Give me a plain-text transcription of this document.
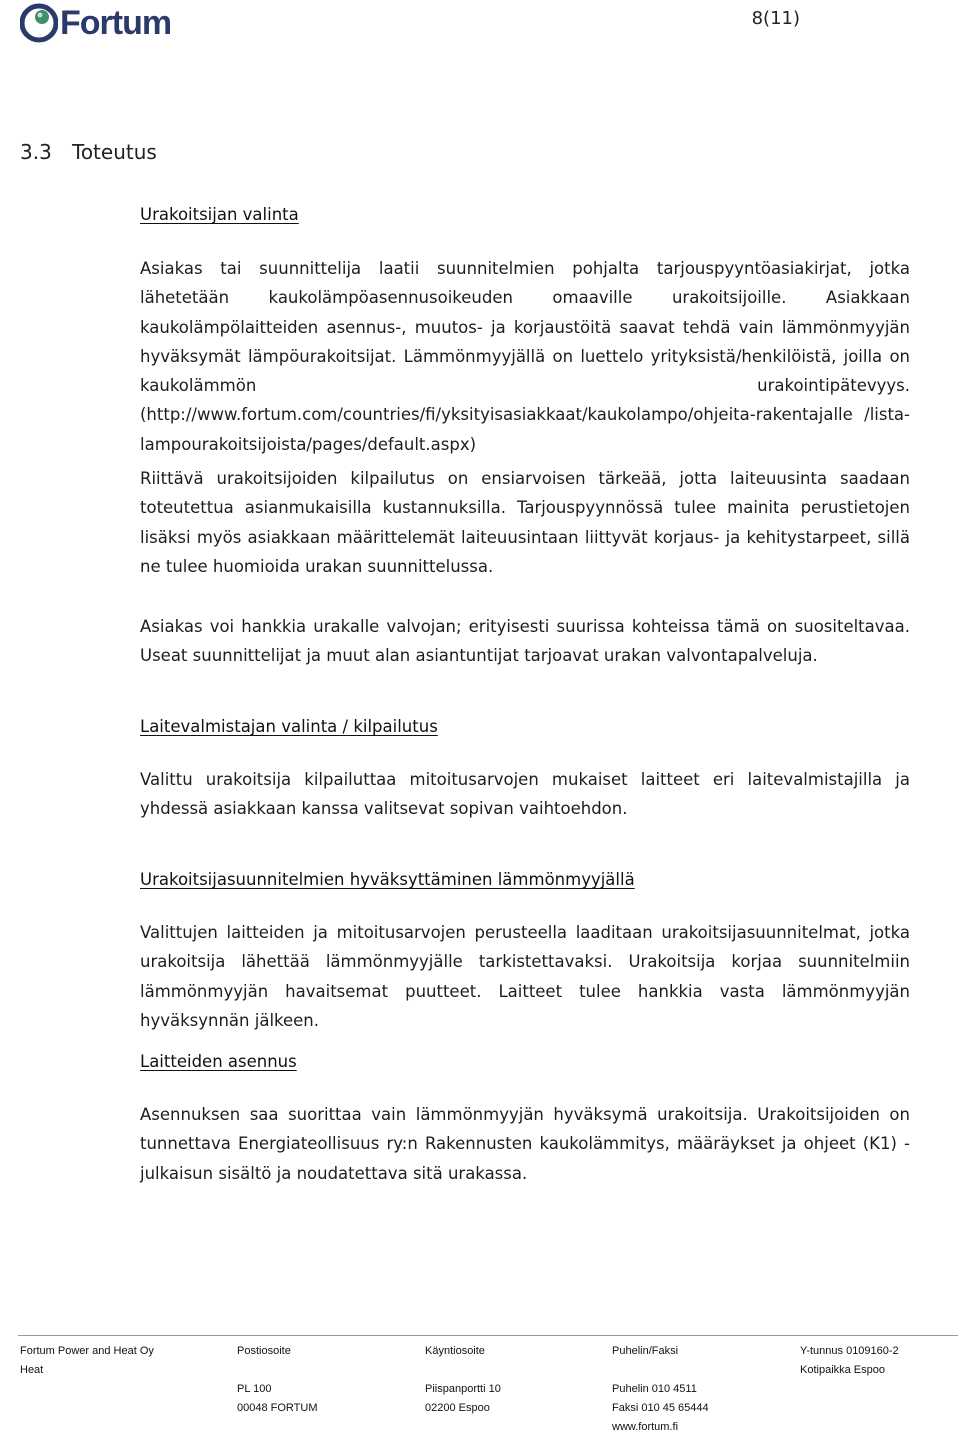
Fortum	8(11)
3.3 Toteutus
Urakoitsijan valinta

Asiakas tai suunnittelija laatii suunnitelmien pohjalta tarjouspyyntöasiakirjat, jotka lähetetään kaukolämpöasennusoikeuden omaaville urakoitsijoille. Asiakkaan kaukolämpölaitteiden asennus-, muutos- ja korjaustöitä saavat tehdä vain lämmönmyyjän hyväksymät lämpöurakoitsijat. Lämmönmyyjällä on luettelo yrityksistä/henkilöistä, joilla on kaukolämmön urakointipätevyys. (http://www.fortum.com/countries/fi/yksityisasiakkaat/kaukolampo/ohjeita-rakentajalle /lista-lampourakoitsijoista/pages/default.aspx)

Riittävä urakoitsijoiden kilpailutus on ensiarvoisen tärkeää, jotta laiteuusinta saadaan toteutettua asianmukaisilla kustannuksilla. Tarjouspyynnössä tulee mainita perustietojen lisäksi myös asiakkaan määrittelemät laiteuusintaan liittyvät korjaus- ja kehitystarpeet, sillä ne tulee huomioida urakan suunnittelussa.

Asiakas voi hankkia urakalle valvojan; erityisesti suurissa kohteissa tämä on suositeltavaa. Useat suunnittelijat ja muut alan asiantuntijat tarjoavat urakan valvontapalveluja.

Laitevalmistajan valinta / kilpailutus

Valittu urakoitsija kilpailuttaa mitoitusarvojen mukaiset laitteet eri laitevalmistajilla ja yhdessä asiakkaan kanssa valitsevat sopivan vaihtoehdon.

Urakoitsijasuunnitelmien hyväksyttäminen lämmönmyyjällä

Valittujen laitteiden ja mitoitusarvojen perusteella laaditaan urakoitsijasuunnitelmat, jotka urakoitsija lähettää lämmönmyyjälle tarkistettavaksi. Urakoitsija korjaa suunnitelmiin lämmönmyyjän havaitsemat puutteet. Laitteet tulee hankkia vasta lämmönmyyjän hyväksynnän jälkeen.

Laitteiden asennus

Asennuksen saa suorittaa vain lämmönmyyjän hyväksymä urakoitsija. Urakoitsijoiden on tunnettava Energiateollisuus ry:n Rakennusten kaukolämmitys, määräykset ja ohjeet (K1) -julkaisun sisältö ja noudatettava sitä urakassa.

Fortum Power and Heat Oy
Heat
Postiosoite
PL 100
00048 FORTUM
Käyntiosoite
Piispanportti 10
02200 Espoo
Puhelin/Faksi
Puhelin 010 4511
Faksi 010 45 65444
www.fortum.fi
Y-tunnus 0109160-2
Kotipaikka Espoo
